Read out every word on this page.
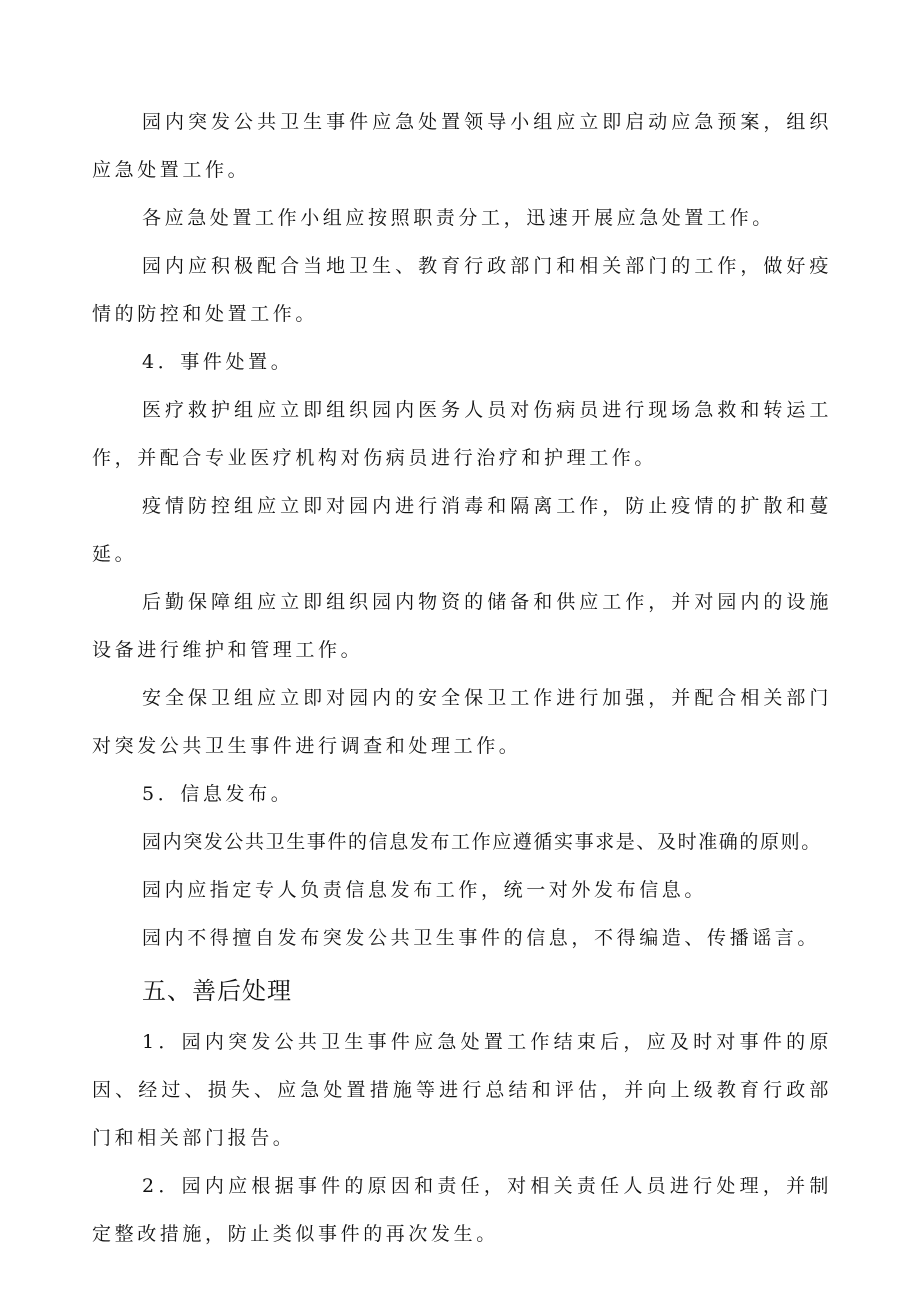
园内突发公共卫生事件应急处置领导小组应立即启动应急预案，组织应急处置工作。

各应急处置工作小组应按照职责分工，迅速开展应急处置工作。

园内应积极配合当地卫生、教育行政部门和相关部门的工作，做好疫情的防控和处置工作。

4．事件处置。

医疗救护组应立即组织园内医务人员对伤病员进行现场急救和转运工作，并配合专业医疗机构对伤病员进行治疗和护理工作。

疫情防控组应立即对园内进行消毒和隔离工作，防止疫情的扩散和蔓延。

后勤保障组应立即组织园内物资的储备和供应工作，并对园内的设施设备进行维护和管理工作。

安全保卫组应立即对园内的安全保卫工作进行加强，并配合相关部门对突发公共卫生事件进行调查和处理工作。

5．信息发布。

园内突发公共卫生事件的信息发布工作应遵循实事求是、及时准确的原则。

园内应指定专人负责信息发布工作，统一对外发布信息。

园内不得擅自发布突发公共卫生事件的信息，不得编造、传播谣言。

五、善后处理

1．园内突发公共卫生事件应急处置工作结束后，应及时对事件的原因、经过、损失、应急处置措施等进行总结和评估，并向上级教育行政部门和相关部门报告。

2．园内应根据事件的原因和责任，对相关责任人员进行处理，并制定整改措施，防止类似事件的再次发生。
